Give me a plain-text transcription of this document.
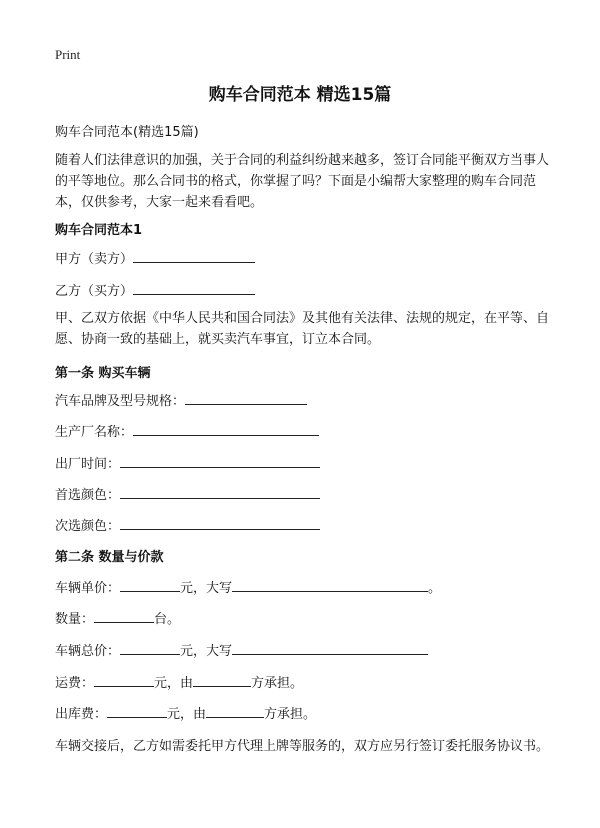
Print
购车合同范本 精选15篇
购车合同范本(精选15篇)
随着人们法律意识的加强，关于合同的利益纠纷越来越多，签订合同能平衡双方当事人的平等地位。那么合同书的格式，你掌握了吗？下面是小编帮大家整理的购车合同范本，仅供参考，大家一起来看看吧。
购车合同范本1
甲方（卖方）
乙方（买方）
甲、乙双方依据《中华人民共和国合同法》及其他有关法律、法规的规定，在平等、自愿、协商一致的基础上，就买卖汽车事宜，订立本合同。
第一条 购买车辆
汽车品牌及型号规格：
生产厂名称：
出厂时间：
首选颜色：
次选颜色：
第二条 数量与价款
车辆单价：	元，大写	。
数量：	台。
车辆总价：	元，大写
运费：	元，由	方承担。
出库费：	元，由	方承担。
车辆交接后，乙方如需委托甲方代理上牌等服务的，双方应另行签订委托服务协议书。
